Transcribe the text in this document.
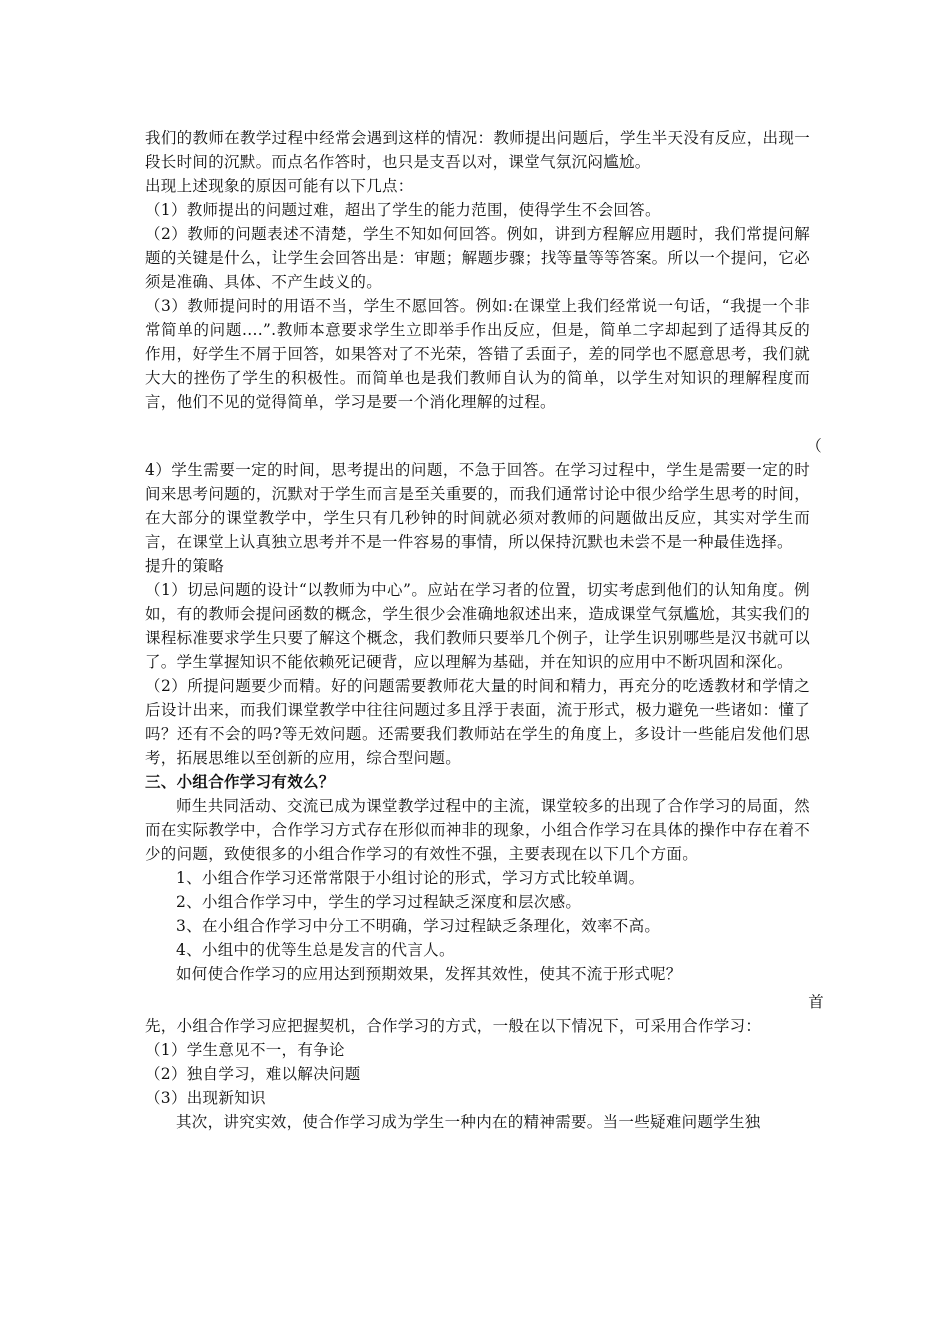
我们的教师在教学过程中经常会遇到这样的情况：教师提出问题后，学生半天没有反应，出现一段长时间的沉默。而点名作答时，也只是支吾以对，课堂气氛沉闷尴尬。

出现上述现象的原因可能有以下几点：

（1）教师提出的问题过难，超出了学生的能力范围，使得学生不会回答。

（2）教师的问题表述不清楚，学生不知如何回答。例如，讲到方程解应用题时，我们常提问解题的关键是什么，让学生会回答出是：审题；解题步骤；找等量等等答案。所以一个提问，它必须是准确、具体、不产生歧义的。

（3）教师提问时的用语不当，学生不愿回答。例如:在课堂上我们经常说一句话，“我提一个非常简单的问题....”.教师本意要求学生立即举手作出反应，但是，简单二字却起到了适得其反的作用，好学生不屑于回答，如果答对了不光荣，答错了丢面子，差的同学也不愿意思考，我们就大大的挫伤了学生的积极性。而简单也是我们教师自认为的简单，以学生对知识的理解程度而言，他们不见的觉得简单，学习是要一个消化理解的过程。

（

4）学生需要一定的时间，思考提出的问题，不急于回答。在学习过程中，学生是需要一定的时间来思考问题的，沉默对于学生而言是至关重要的，而我们通常讨论中很少给学生思考的时间，在大部分的课堂教学中，学生只有几秒钟的时间就必须对教师的问题做出反应，其实对学生而言，在课堂上认真独立思考并不是一件容易的事情，所以保持沉默也未尝不是一种最佳选择。

提升的策略

（1）切忌问题的设计“以教师为中心”。应站在学习者的位置，切实考虑到他们的认知角度。例如，有的教师会提问函数的概念，学生很少会准确地叙述出来，造成课堂气氛尴尬，其实我们的课程标准要求学生只要了解这个概念，我们教师只要举几个例子，让学生识别哪些是汉书就可以了。学生掌握知识不能依赖死记硬背，应以理解为基础，并在知识的应用中不断巩固和深化。

（2）所提问题要少而精。好的问题需要教师花大量的时间和精力，再充分的吃透教材和学情之后设计出来，而我们课堂教学中往往问题过多且浮于表面，流于形式，极力避免一些诸如：懂了吗？还有不会的吗?等无效问题。还需要我们教师站在学生的角度上，多设计一些能启发他们思考，拓展思维以至创新的应用，综合型问题。

三、小组合作学习有效么？

师生共同活动、交流已成为课堂教学过程中的主流，课堂较多的出现了合作学习的局面，然而在实际教学中，合作学习方式存在形似而神非的现象，小组合作学习在具体的操作中存在着不少的问题，致使很多的小组合作学习的有效性不强，主要表现在以下几个方面。

1、小组合作学习还常常限于小组讨论的形式，学习方式比较单调。

2、小组合作学习中，学生的学习过程缺乏深度和层次感。

3、在小组合作学习中分工不明确，学习过程缺乏条理化，效率不高。

4、小组中的优等生总是发言的代言人。

如何使合作学习的应用达到预期效果，发挥其效性，使其不流于形式呢？

首

先，小组合作学习应把握契机，合作学习的方式，一般在以下情况下，可采用合作学习：

（1）学生意见不一，有争论

（2）独自学习，难以解决问题

（3）出现新知识

其次，讲究实效，使合作学习成为学生一种内在的精神需要。当一些疑难问题学生独
